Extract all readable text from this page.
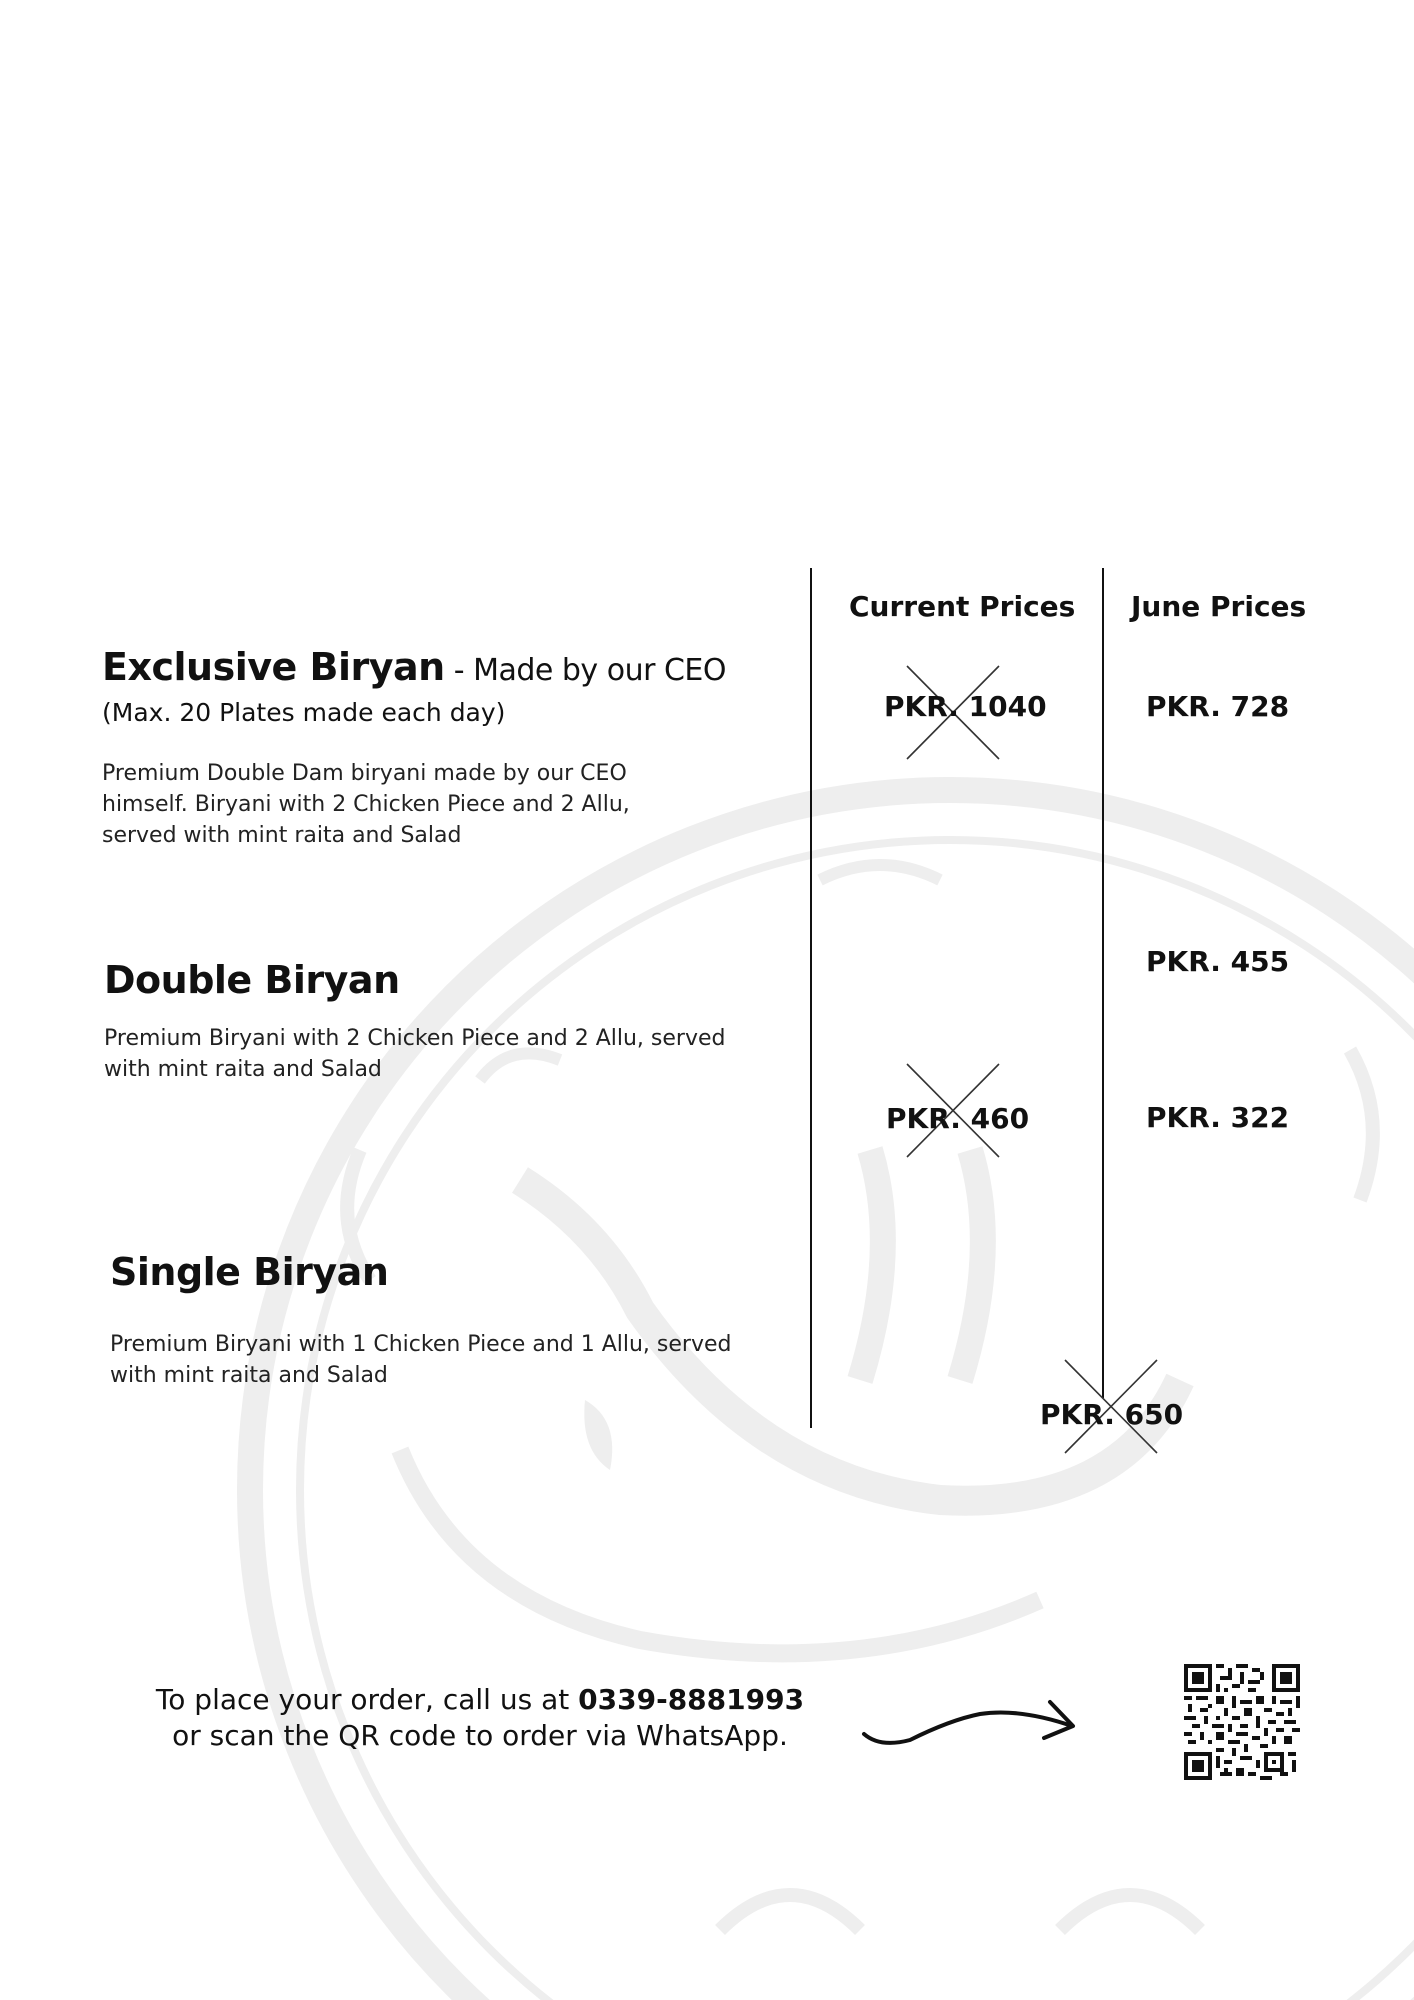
Current Prices June Prices
Exclusive Biryan - Made by our CEO
(Max. 20 Plates made each day)
Premium Double Dam biryani made by our CEO
himself. Biryani with 2 Chicken Piece and 2 Allu,
served with mint raita and Salad
PKR. 1040	PKR. 728
Double Biryan
Premium Biryani with 2 Chicken Piece and 2 Allu, served
with mint raita and Salad
PKR. 455
PKR. 460	PKR. 322
Single Biryan
Premium Biryani with 1 Chicken Piece and 1 Allu, served
with mint raita and Salad
PKR. 650
To place your order, call us at 0339-8881993
or scan the QR code to order via WhatsApp.
